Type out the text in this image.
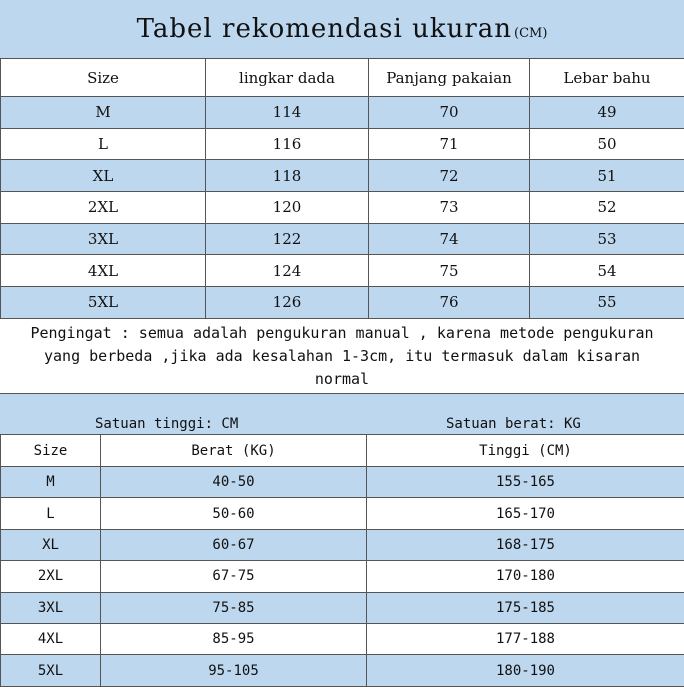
Tabel rekomendasi ukuran (CM)
Size	lingkar dada	Panjang pakaian	Lebar bahu
M	114	70	49
L	116	71	50
XL	118	72	51
2XL	120	73	52
3XL	122	74	53
4XL	124	75	54
5XL	126	76	55
Pengingat : semua adalah pengukuran manual , karena metode pengukuran
yang berbeda ,jika ada kesalahan 1-3cm, itu termasuk dalam kisaran
normal
Satuan tinggi: CM	Satuan berat: KG
Size	Berat (KG)	Tinggi (CM)
M	40-50	155-165
L	50-60	165-170
XL	60-67	168-175
2XL	67-75	170-180
3XL	75-85	175-185
4XL	85-95	177-188
5XL	95-105	180-190
